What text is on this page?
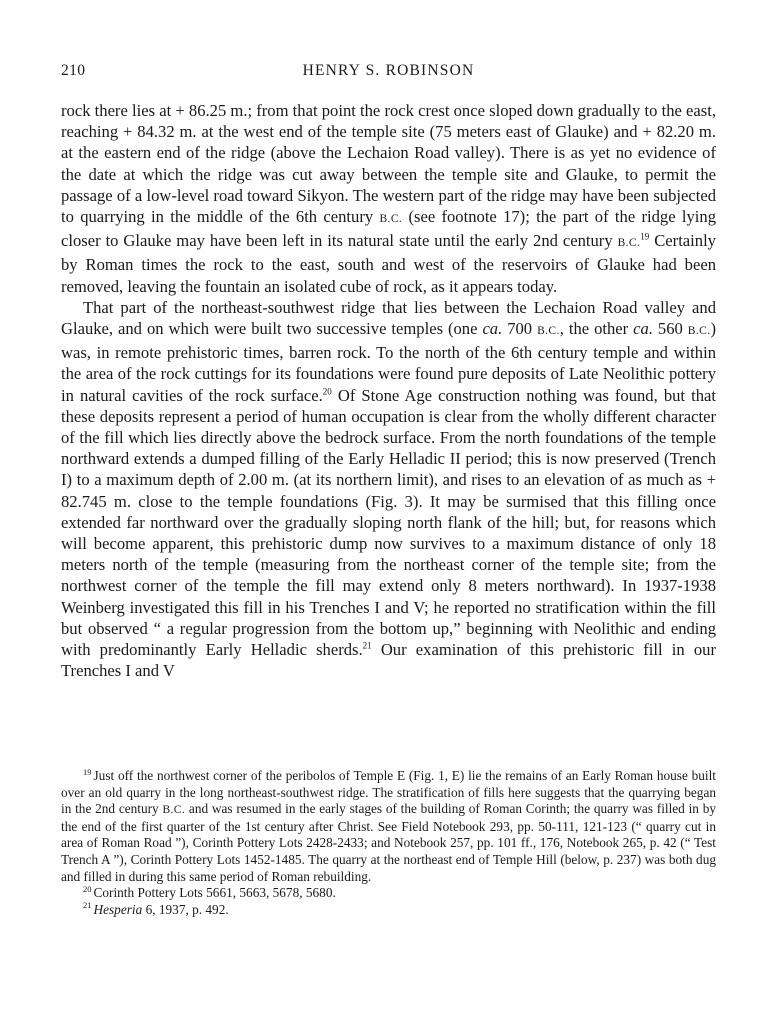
210	HENRY S. ROBINSON

rock there lies at + 86.25 m.; from that point the rock crest once sloped down gradually to the east, reaching + 84.32 m. at the west end of the temple site (75 meters east of Glauke) and + 82.20 m. at the eastern end of the ridge (above the Lechaion Road valley). There is as yet no evidence of the date at which the ridge was cut away between the temple site and Glauke, to permit the passage of a low-level road toward Sikyon. The western part of the ridge may have been subjected to quarrying in the middle of the 6th century B.C. (see footnote 17); the part of the ridge lying closer to Glauke may have been left in its natural state until the early 2nd century B.C.$^{19}$ Certainly by Roman times the rock to the east, south and west of the reservoirs of Glauke had been removed, leaving the fountain an isolated cube of rock, as it appears today.

That part of the northeast-southwest ridge that lies between the Lechaion Road valley and Glauke, and on which were built two successive temples (one ca. 700 B.C., the other ca. 560 B.C.) was, in remote prehistoric times, barren rock. To the north of the 6th century temple and within the area of the rock cuttings for its foundations were found pure deposits of Late Neolithic pottery in natural cavities of the rock surface.$^{20}$ Of Stone Age construction nothing was found, but that these deposits represent a period of human occupation is clear from the wholly different character of the fill which lies directly above the bedrock surface. From the north foundations of the temple northward extends a dumped filling of the Early Helladic II period; this is now preserved (Trench I) to a maximum depth of 2.00 m. (at its northern limit), and rises to an elevation of as much as + 82.745 m. close to the temple foundations (Fig. 3). It may be surmised that this filling once extended far northward over the gradually sloping north flank of the hill; but, for reasons which will become apparent, this prehistoric dump now survives to a maximum distance of only 18 meters north of the temple (measuring from the northeast corner of the temple site; from the northwest corner of the temple the fill may extend only 8 meters northward). In 1937-1938 Weinberg investigated this fill in his Trenches I and V; he reported no stratification within the fill but observed “ a regular progression from the bottom up,” beginning with Neolithic and ending with predominantly Early Helladic sherds.$^{21}$ Our examination of this prehistoric fill in our Trenches I and V

$^{19}$ Just off the northwest corner of the peribolos of Temple E (Fig. 1, E) lie the remains of an Early Roman house built over an old quarry in the long northeast-southwest ridge. The stratification of fills here suggests that the quarrying began in the 2nd century B.C. and was resumed in the early stages of the building of Roman Corinth; the quarry was filled in by the end of the first quarter of the 1st century after Christ. See Field Notebook 293, pp. 50-111, 121-123 (“ quarry cut in area of Roman Road ”), Corinth Pottery Lots 2428-2433; and Notebook 257, pp. 101 ff., 176, Notebook 265, p. 42 (“ Test Trench A ”), Corinth Pottery Lots 1452-1485. The quarry at the northeast end of Temple Hill (below, p. 237) was both dug and filled in during this same period of Roman rebuilding.

$^{20}$ Corinth Pottery Lots 5661, 5663, 5678, 5680.

$^{21}$ Hesperia 6, 1937, p. 492.
